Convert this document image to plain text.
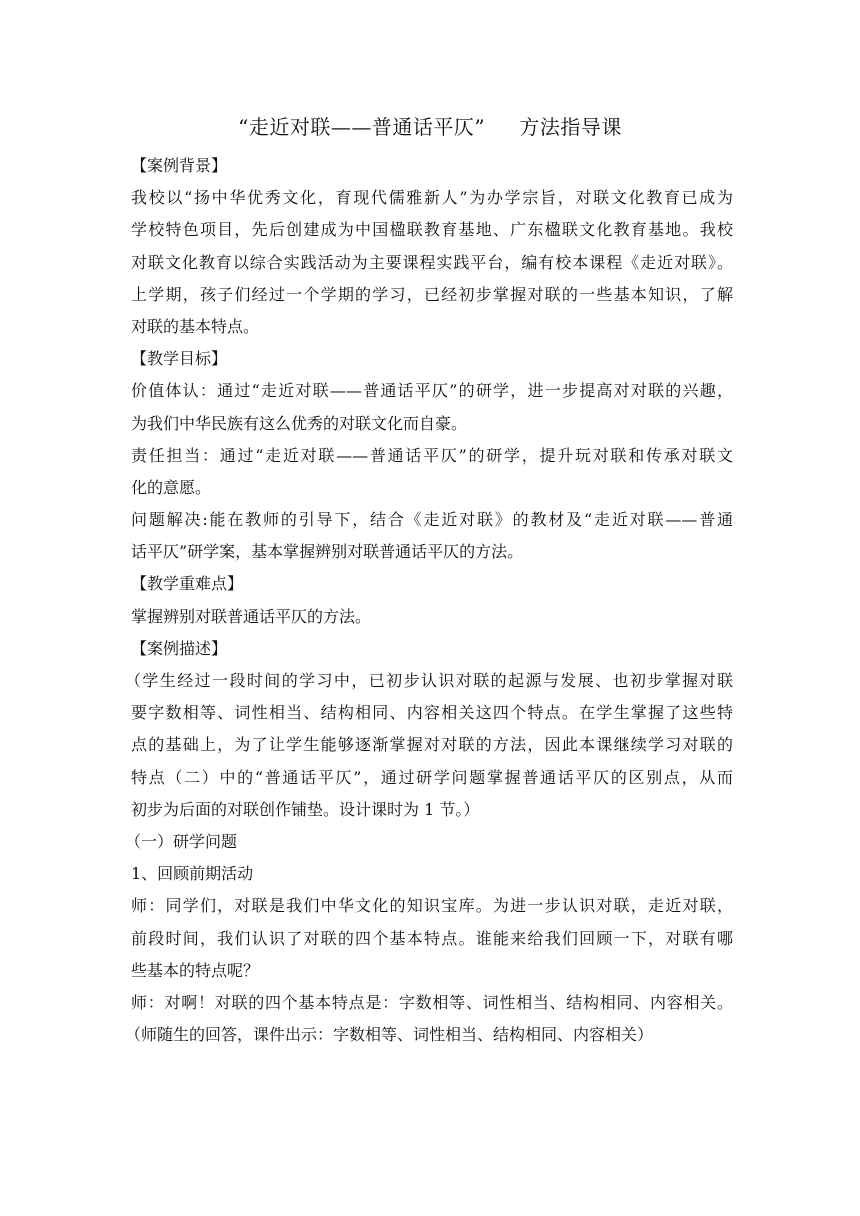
“走近对联——普通话平仄”     方法指导课
【案例背景】
我校以“扬中华优秀文化，育现代儒雅新人”为办学宗旨，对联文化教育已成为
学校特色项目，先后创建成为中国楹联教育基地、广东楹联文化教育基地。我校
对联文化教育以综合实践活动为主要课程实践平台，编有校本课程《走近对联》。
上学期，孩子们经过一个学期的学习，已经初步掌握对联的一些基本知识，了解
对联的基本特点。
【教学目标】
价值体认：通过“走近对联——普通话平仄”的研学，进一步提高对对联的兴趣，
为我们中华民族有这么优秀的对联文化而自豪。
责任担当：通过“走近对联——普通话平仄”的研学，提升玩对联和传承对联文
化的意愿。
问题解决:能在教师的引导下，结合《走近对联》的教材及“走近对联——普通
话平仄”研学案，基本掌握辨别对联普通话平仄的方法。
【教学重难点】
掌握辨别对联普通话平仄的方法。
【案例描述】
（学生经过一段时间的学习中，已初步认识对联的起源与发展、也初步掌握对联
要字数相等、词性相当、结构相同、内容相关这四个特点。在学生掌握了这些特
点的基础上，为了让学生能够逐渐掌握对对联的方法，因此本课继续学习对联的
特点（二）中的“普通话平仄”，通过研学问题掌握普通话平仄的区别点，从而
初步为后面的对联创作铺垫。设计课时为 1 节。）
（一）研学问题
1、回顾前期活动
师：同学们，对联是我们中华文化的知识宝库。为进一步认识对联，走近对联，
前段时间，我们认识了对联的四个基本特点。谁能来给我们回顾一下，对联有哪
些基本的特点呢？
师：对啊！对联的四个基本特点是：字数相等、词性相当、结构相同、内容相关。
（师随生的回答，课件出示：字数相等、词性相当、结构相同、内容相关）
